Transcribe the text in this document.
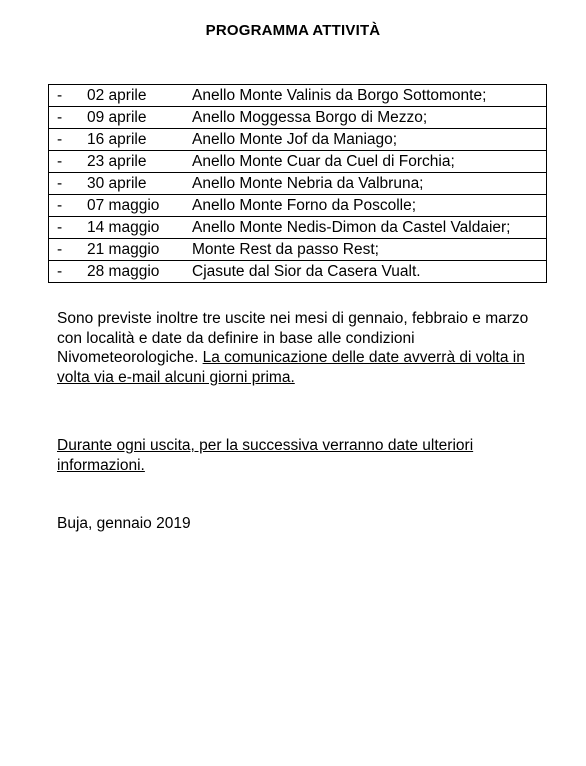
PROGRAMMA ATTIVITÀ
-	02 aprile	Anello Monte Valinis da Borgo Sottomonte;
-	09 aprile	Anello Moggessa Borgo di Mezzo;
-	16 aprile	Anello Monte Jof da Maniago;
-	23 aprile	Anello Monte Cuar da Cuel di Forchia;
-	30 aprile	Anello Monte Nebria da Valbruna;
-	07 maggio	Anello Monte Forno da Poscolle;
-	14 maggio	Anello Monte Nedis-Dimon da Castel Valdaier;
-	21 maggio	Monte Rest da passo Rest;
-	28 maggio	Cjasute dal Sior da Casera Vualt.

Sono previste inoltre tre uscite nei mesi di gennaio, febbraio e marzo con località e date da definire in base alle condizioni Nivometeorologiche. La comunicazione delle date avverrà di volta in volta via e-mail alcuni giorni prima.

Durante ogni uscita, per la successiva verranno date ulteriori informazioni.

Buja, gennaio 2019
